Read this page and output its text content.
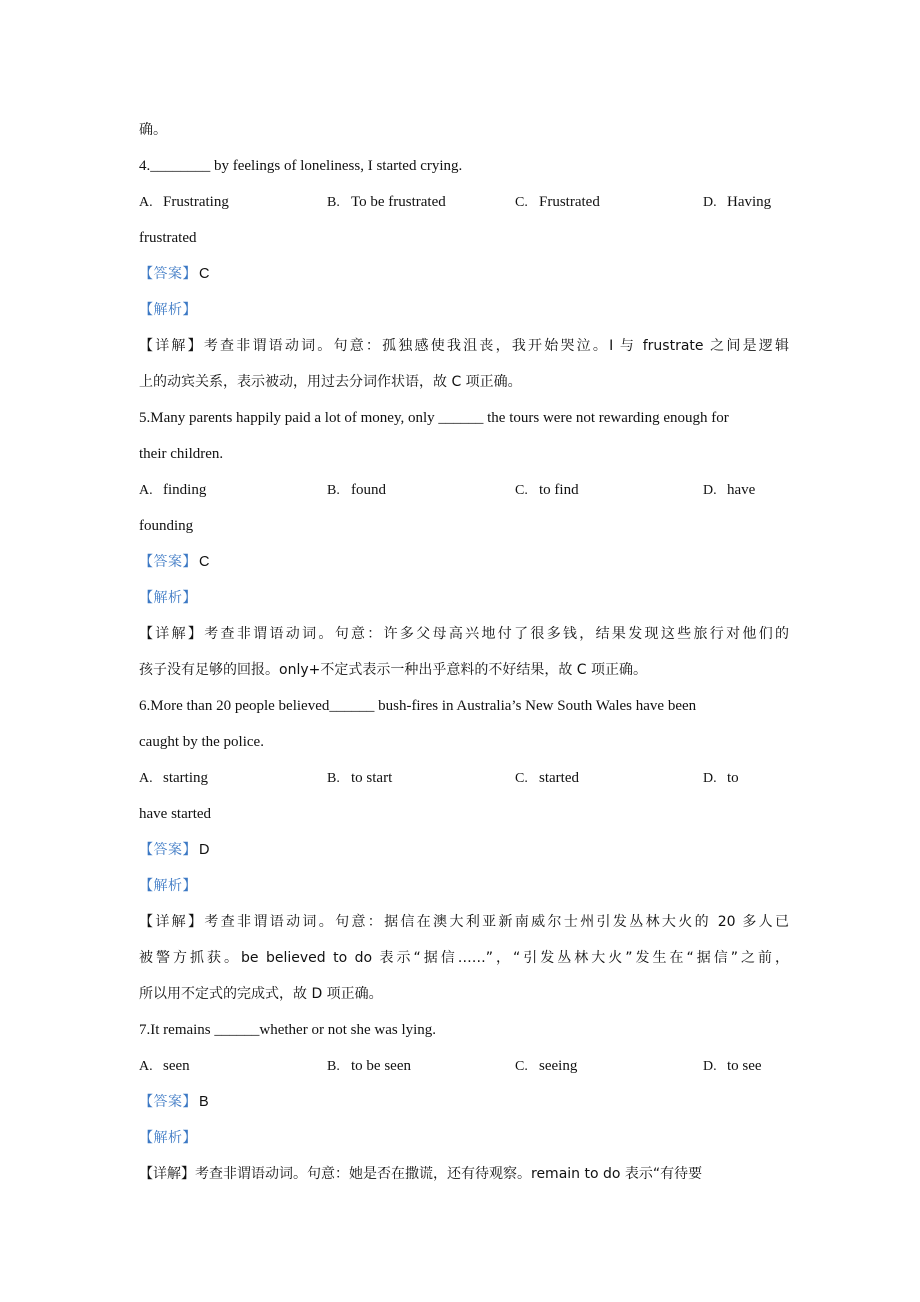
确。
4.________ by feelings of loneliness, I started crying.
A. Frustrating	B. To be frustrated	C. Frustrated	D. Having
frustrated
【答案】 C
【解析】
【详解】考查非谓语动词。句意：孤独感使我沮丧，我开始哭泣。I 与 frustrate 之间是逻辑
上的动宾关系，表示被动，用过去分词作状语，故 C 项正确。
5.Many parents happily paid a lot of money, only ______ the tours were not rewarding enough for
their children.
A. finding	B. found	C. to find	D. have
founding
【答案】 C
【解析】
【详解】考查非谓语动词。句意：许多父母高兴地付了很多钱，结果发现这些旅行对他们的
孩子没有足够的回报。only+不定式表示一种出乎意料的不好结果，故 C 项正确。
6.More than 20 people believed______ bush-fires in Australia’s New South Wales have been
caught by the police.
A. starting	B. to start	C. started	D. to
have started
【答案】 D
【解析】
【详解】考查非谓语动词。句意：据信在澳大利亚新南威尔士州引发丛林大火的 20 多人已
被警方抓获。be believed to do 表示“据信……”，“引发丛林大火”发生在“据信”之前，
所以用不定式的完成式，故 D 项正确。
7.It remains ______whether or not she was lying.
A. seen	B. to be seen	C. seeing	D. to see
【答案】 B
【解析】
【详解】考查非谓语动词。句意：她是否在撒谎，还有待观察。remain to do 表示“有待要
